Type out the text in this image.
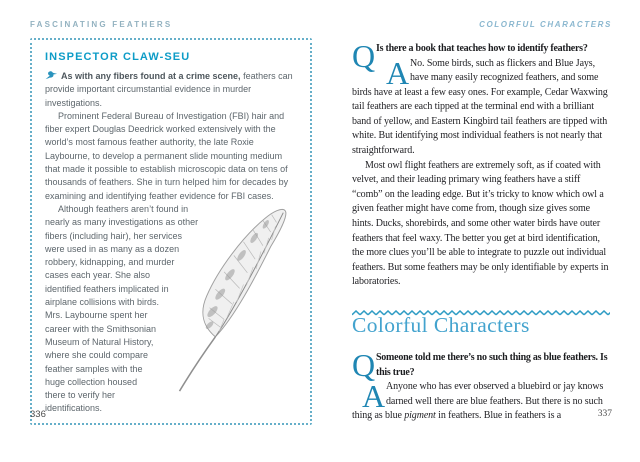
FASCINATING FEATHERS
INSPECTOR CLAW-SEU

As with any fibers found at a crime scene, feathers can provide important circumstantial evidence in murder investigations.

Prominent Federal Bureau of Investigation (FBI) hair and fiber expert Douglas Deedrick worked extensively with the world’s most famous feather authority, the late Roxie Laybourne, to develop a permanent slide mounting medium that made it possible to establish microscopic data on tens of thousands of feathers. She in turn helped him for decades by examining and identifying feather evidence for FBI cases.

Although feathers aren’t found in nearly as many investigations as other fibers (including hair), her services were used in as many as a dozen robbery, kidnapping, and murder cases each year. She also identified feathers implicated in airplane collisions with birds. Mrs. Laybourne spent her career with the Smithsonian Museum of Natural History, where she could compare feather samples with the huge collection housed there to verify her identifications.

COLORFUL CHARACTERS
Q Is there a book that teaches how to identify feathers?

A No. Some birds, such as flickers and Blue Jays, have many easily recognized feathers, and some birds have at least a few easy ones. For example, Cedar Waxwing tail feathers are each tipped at the terminal end with a brilliant band of yellow, and Eastern Kingbird tail feathers are tipped with white. But identifying most individual feathers is not nearly that straightforward.

Most owl flight feathers are extremely soft, as if coated with velvet, and their leading primary wing feathers have a stiff “comb” on the leading edge. But it’s tricky to know which owl a given feather might have come from, though size gives some hints. Ducks, shorebirds, and some other water birds have outer feathers that feel waxy. The better you get at bird identification, the more clues you’ll be able to integrate to puzzle out individual feathers. But some feathers may be only identifiable by experts in laboratories.

Colorful Characters
Q Someone told me there’s no such thing as blue feathers. Is this true?

A Anyone who has ever observed a bluebird or jay knows darned well there are blue feathers. But there is no such thing as blue pigment in feathers. Blue in feathers is a

336	337
